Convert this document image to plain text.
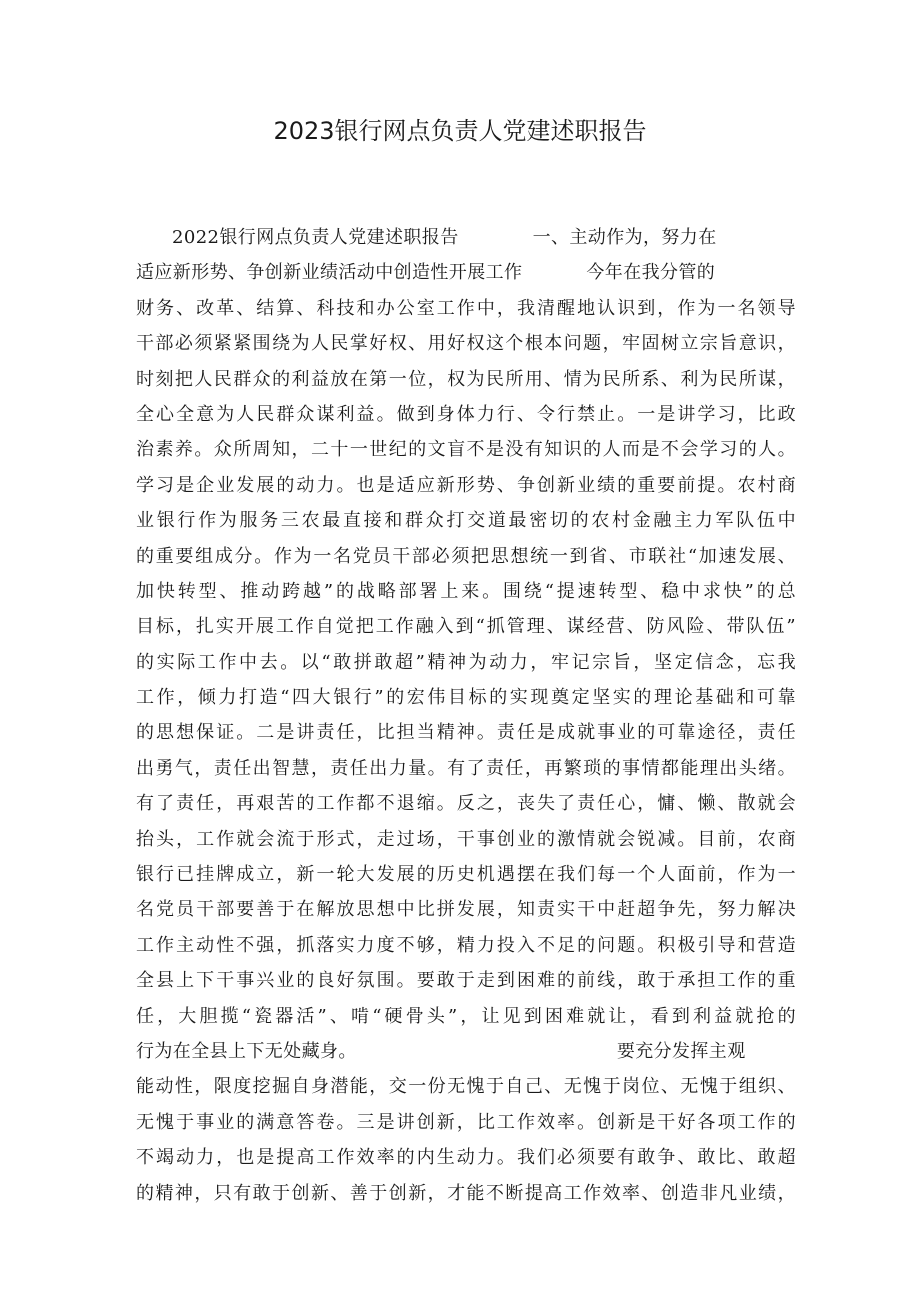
2023银行网点负责人党建述职报告
2022银行网点负责人党建述职报告	一、主动作为，努力在
适应新形势、争创新业绩活动中创造性开展工作	今年在我分管的
财务、改革、结算、科技和办公室工作中，我清醒地认识到，作为一名领导
干部必须紧紧围绕为人民掌好权、用好权这个根本问题，牢固树立宗旨意识，
时刻把人民群众的利益放在第一位，权为民所用、情为民所系、利为民所谋，
全心全意为人民群众谋利益。做到身体力行、令行禁止。一是讲学习，比政
治素养。众所周知，二十一世纪的文盲不是没有知识的人而是不会学习的人。
学习是企业发展的动力。也是适应新形势、争创新业绩的重要前提。农村商
业银行作为服务三农最直接和群众打交道最密切的农村金融主力军队伍中
的重要组成分。作为一名党员干部必须把思想统一到省、市联社“加速发展、
加快转型、推动跨越”的战略部署上来。围绕“提速转型、稳中求快”的总
目标，扎实开展工作自觉把工作融入到“抓管理、谋经营、防风险、带队伍”
的实际工作中去。以“敢拼敢超”精神为动力，牢记宗旨，坚定信念，忘我
工作，倾力打造“四大银行”的宏伟目标的实现奠定坚实的理论基础和可靠
的思想保证。二是讲责任，比担当精神。责任是成就事业的可靠途径，责任
出勇气，责任出智慧，责任出力量。有了责任，再繁琐的事情都能理出头绪。
有了责任，再艰苦的工作都不退缩。反之，丧失了责任心，慵、懒、散就会
抬头，工作就会流于形式，走过场，干事创业的激情就会锐减。目前，农商
银行已挂牌成立，新一轮大发展的历史机遇摆在我们每一个人面前，作为一
名党员干部要善于在解放思想中比拼发展，知责实干中赶超争先，努力解决
工作主动性不强，抓落实力度不够，精力投入不足的问题。积极引导和营造
全县上下干事兴业的良好氛围。要敢于走到困难的前线，敢于承担工作的重
任，大胆揽“瓷器活”、啃“硬骨头”，让见到困难就让，看到利益就抢的
行为在全县上下无处藏身。	要充分发挥主观
能动性，限度挖掘自身潜能，交一份无愧于自己、无愧于岗位、无愧于组织、
无愧于事业的满意答卷。三是讲创新，比工作效率。创新是干好各项工作的
不竭动力，也是提高工作效率的内生动力。我们必须要有敢争、敢比、敢超
的精神，只有敢于创新、善于创新，才能不断提高工作效率、创造非凡业绩，
